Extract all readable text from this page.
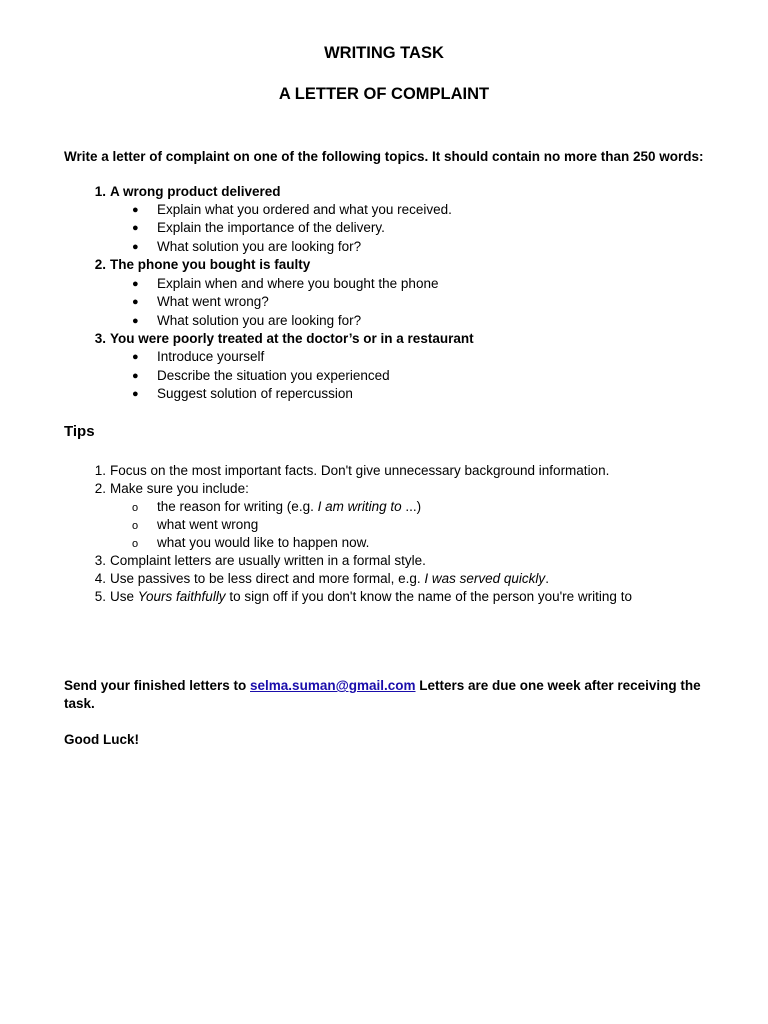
WRITING TASK
A LETTER OF COMPLAINT
Write a letter of complaint on one of the following topics. It should contain no more than 250 words:
1. A wrong product delivered
● Explain what you ordered and what you received.
● Explain the importance of the delivery.
● What solution you are looking for?
2. The phone you bought is faulty
● Explain when and where you bought the phone
● What went wrong?
● What solution you are looking for?
3. You were poorly treated at the doctor’s or in a restaurant
● Introduce yourself
● Describe the situation you experienced
● Suggest solution of repercussion
Tips
1. Focus on the most important facts. Don't give unnecessary background information.
2. Make sure you include:
o the reason for writing (e.g. I am writing to ...)
o what went wrong
o what you would like to happen now.
3. Complaint letters are usually written in a formal style.
4. Use passives to be less direct and more formal, e.g. I was served quickly.
5. Use Yours faithfully to sign off if you don't know the name of the person you're writing to
Send your finished letters to selma.suman@gmail.com Letters are due one week after receiving the
task.
Good Luck!
